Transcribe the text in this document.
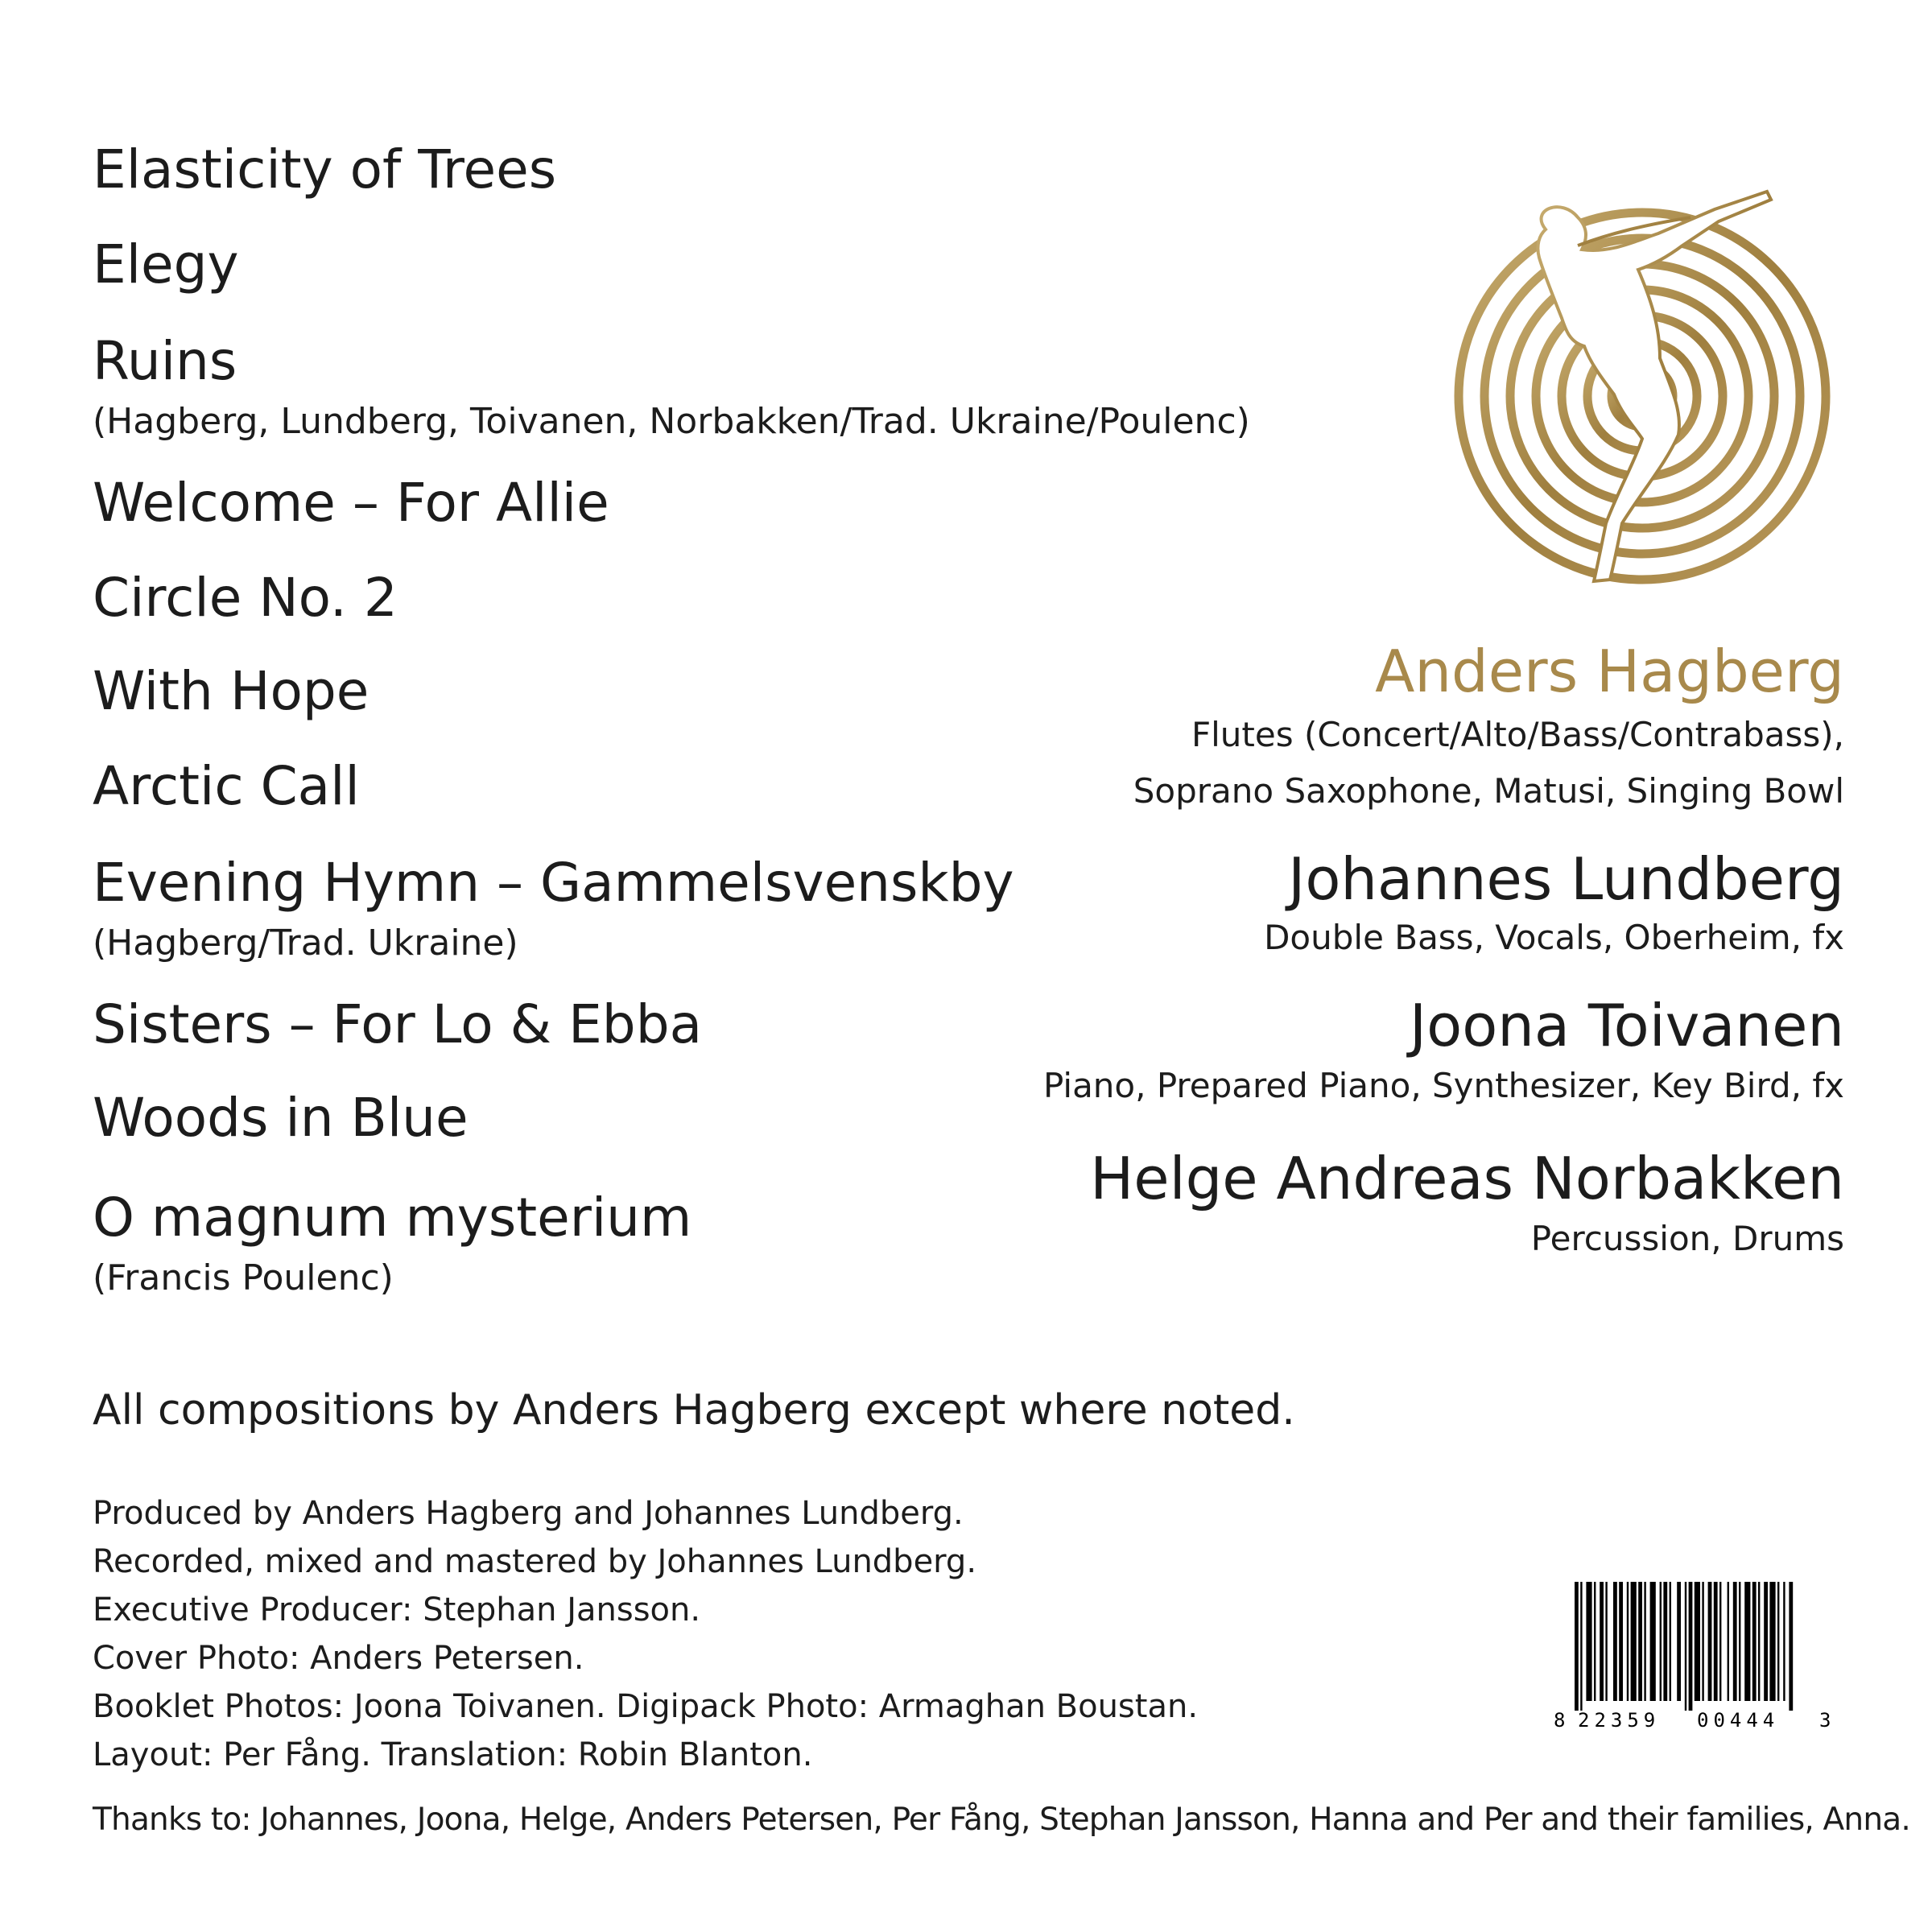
Elasticity of Trees
Elegy
Ruins
(Hagberg, Lundberg, Toivanen, Norbakken/Trad. Ukraine/Poulenc)
Welcome – For Allie
Circle No. 2
With Hope
Arctic Call
Evening Hymn – Gammelsvenskby
(Hagberg/Trad. Ukraine)
Sisters – For Lo & Ebba
Woods in Blue
O magnum mysterium
(Francis Poulenc)
Anders Hagberg
Flutes (Concert/Alto/Bass/Contrabass),
Soprano Saxophone, Matusi, Singing Bowl
Johannes Lundberg
Double Bass, Vocals, Oberheim, fx
Joona Toivanen
Piano, Prepared Piano, Synthesizer, Key Bird, fx
Helge Andreas Norbakken
Percussion, Drums
All compositions by Anders Hagberg except where noted.
Produced by Anders Hagberg and Johannes Lundberg.
Recorded, mixed and mastered by Johannes Lundberg.
Executive Producer: Stephan Jansson.
Cover Photo: Anders Petersen.
Booklet Photos: Joona Toivanen. Digipack Photo: Armaghan Boustan.
Layout: Per Fång. Translation: Robin Blanton.
8 22359 00444 3
Thanks to: Johannes, Joona, Helge, Anders Petersen, Per Fång, Stephan Jansson, Hanna and Per and their families, Anna.
